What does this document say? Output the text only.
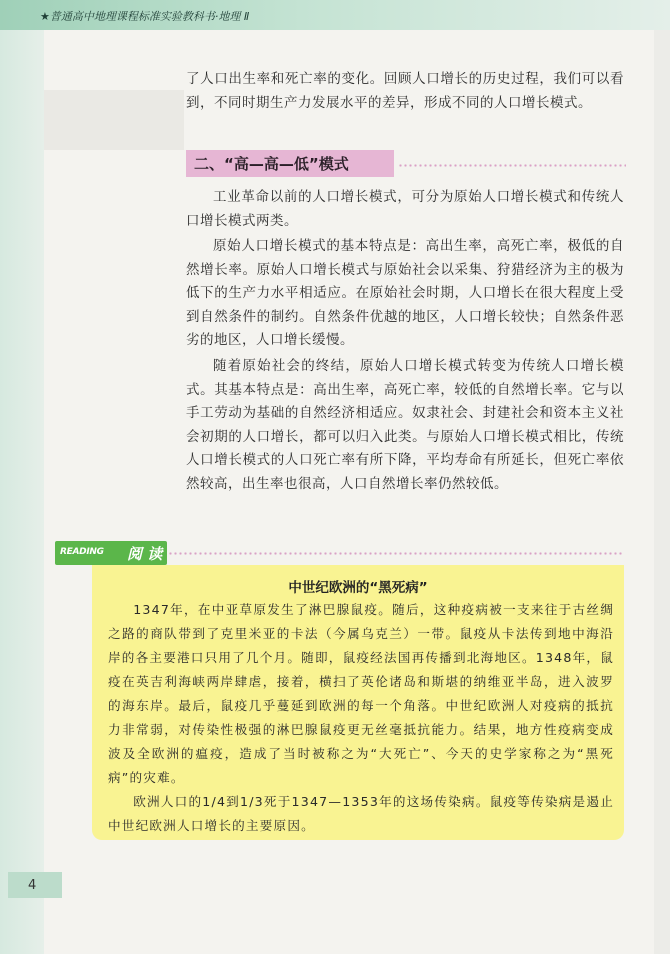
★普通高中地理课程标准实验教科书·地理 Ⅱ
了人口出生率和死亡率的变化。回顾人口增长的历史过程，我们可以看到，不同时期生产力发展水平的差异，形成不同的人口增长模式。
二、“高—高—低”模式
工业革命以前的人口增长模式，可分为原始人口增长模式和传统人口增长模式两类。
原始人口增长模式的基本特点是：高出生率，高死亡率，极低的自然增长率。原始人口增长模式与原始社会以采集、狩猎经济为主的极为低下的生产力水平相适应。在原始社会时期，人口增长在很大程度上受到自然条件的制约。自然条件优越的地区，人口增长较快；自然条件恶劣的地区，人口增长缓慢。
随着原始社会的终结，原始人口增长模式转变为传统人口增长模式。其基本特点是：高出生率，高死亡率，较低的自然增长率。它与以手工劳动为基础的自然经济相适应。奴隶社会、封建社会和资本主义社会初期的人口增长，都可以归入此类。与原始人口增长模式相比，传统人口增长模式的人口死亡率有所下降，平均寿命有所延长，但死亡率依然较高，出生率也很高，人口自然增长率仍然较低。
READING 阅 读
中世纪欧洲的“黑死病”
1347年，在中亚草原发生了淋巴腺鼠疫。随后，这种疫病被一支来往于古丝绸之路的商队带到了克里米亚的卡法（今属乌克兰）一带。鼠疫从卡法传到地中海沿岸的各主要港口只用了几个月。随即，鼠疫经法国再传播到北海地区。1348年，鼠疫在英吉利海峡两岸肆虐，接着，横扫了英伦诸岛和斯堪的纳维亚半岛，进入波罗的海东岸。最后，鼠疫几乎蔓延到欧洲的每一个角落。中世纪欧洲人对疫病的抵抗力非常弱，对传染性极强的淋巴腺鼠疫更无丝毫抵抗能力。结果，地方性疫病变成波及全欧洲的瘟疫，造成了当时被称之为“大死亡”、今天的史学家称之为“黑死病”的灾难。
欧洲人口的1/4到1/3死于1347—1353年的这场传染病。鼠疫等传染病是遏止中世纪欧洲人口增长的主要原因。
4
